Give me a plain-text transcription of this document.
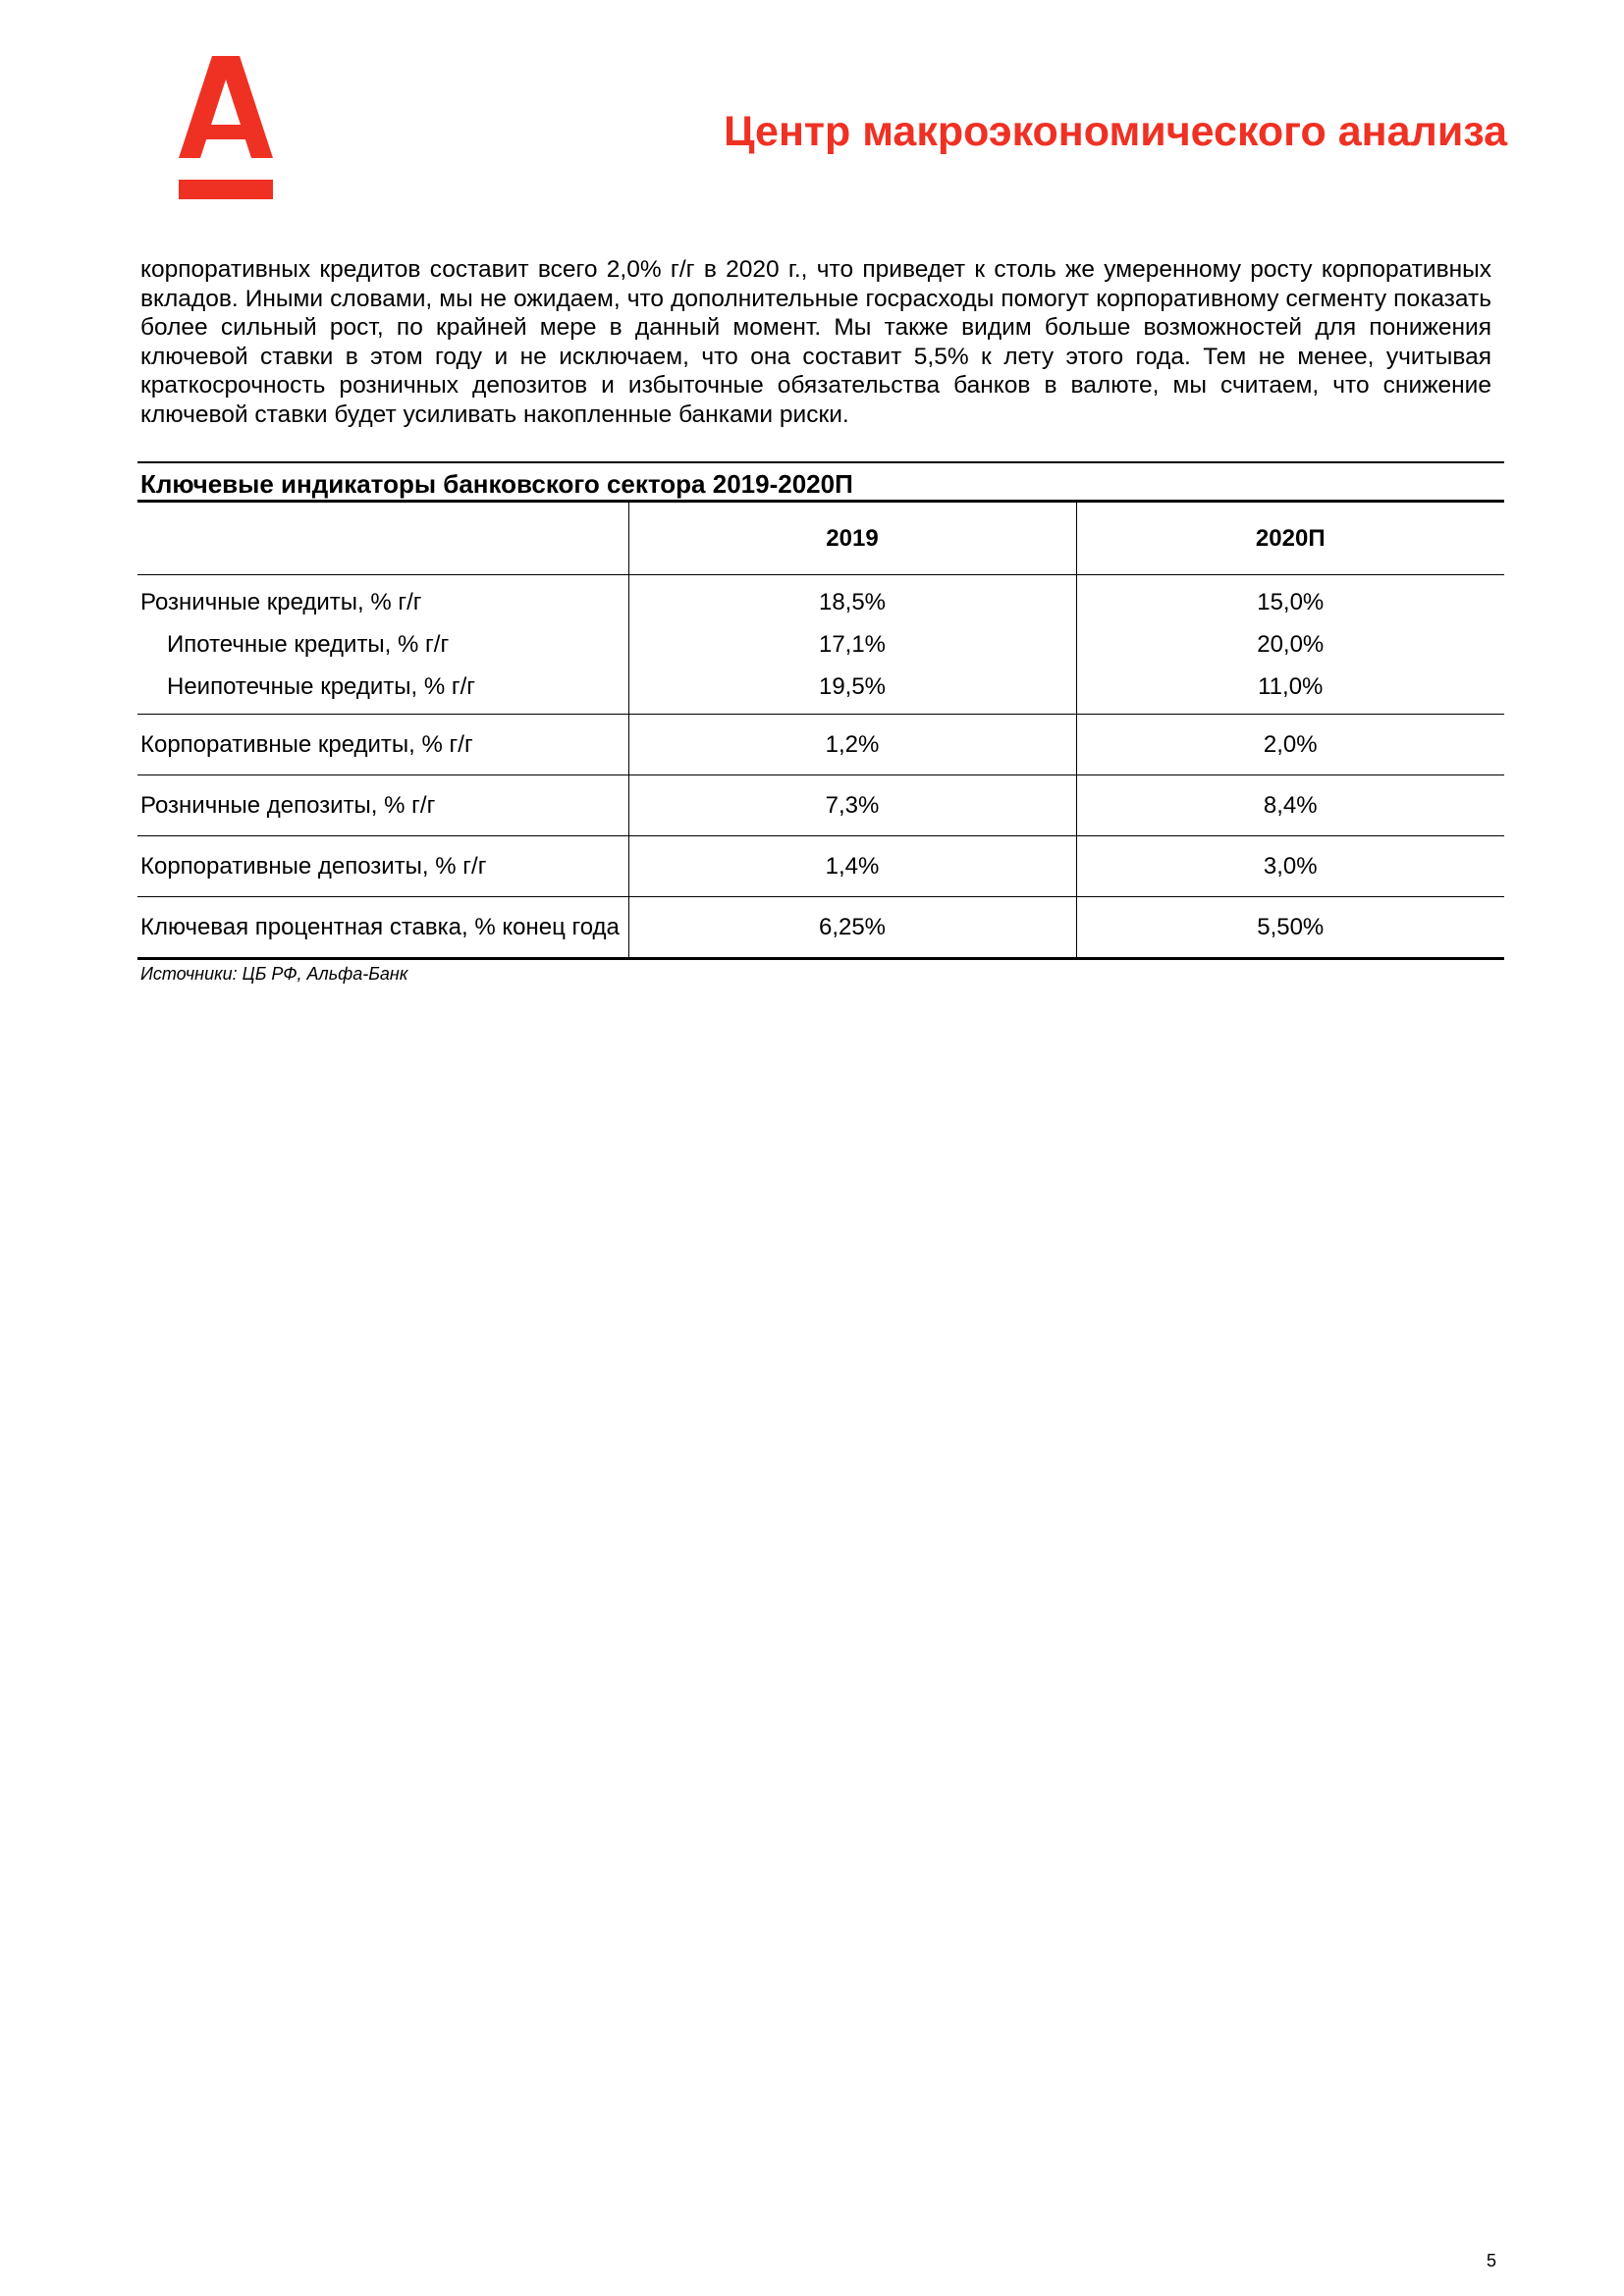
Центр макроэкономического анализа

корпоративных кредитов составит всего 2,0% г/г в 2020 г., что приведет к столь же умеренному росту корпоративных вкладов. Иными словами, мы не ожидаем, что дополнительные госрасходы помогут корпоративному сегменту показать более сильный рост, по крайней мере в данный момент. Мы также видим больше возможностей для понижения ключевой ставки в этом году и не исключаем, что она составит 5,5% к лету этого года. Тем не менее, учитывая краткосрочность розничных депозитов и избыточные обязательства банков в валюте, мы считаем, что снижение ключевой ставки будет усиливать накопленные банками риски.

Ключевые индикаторы банковского сектора 2019-2020П
	2019	2020П
Розничные кредиты, % г/г	18,5%	15,0%
Ипотечные кредиты, % г/г	17,1%	20,0%
Неипотечные кредиты, % г/г	19,5%	11,0%
Корпоративные кредиты, % г/г	1,2%	2,0%
Розничные депозиты, % г/г	7,3%	8,4%
Корпоративные депозиты, % г/г	1,4%	3,0%
Ключевая процентная ставка, % конец года	6,25%	5,50%
Источники: ЦБ РФ, Альфа-Банк
5
